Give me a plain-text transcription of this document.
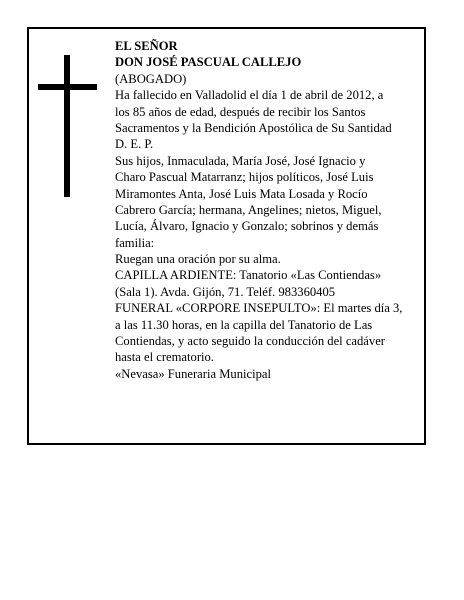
EL SEÑOR
DON JOSÉ PASCUAL CALLEJO
(ABOGADO)
Ha fallecido en Valladolid el día 1 de abril de 2012, a
los 85 años de edad, después de recibir los Santos
Sacramentos y la Bendición Apostólica de Su Santidad
D. E. P.
Sus hijos, Inmaculada, María José, José Ignacio y
Charo Pascual Matarranz; hijos políticos, José Luis
Miramontes Anta, José Luis Mata Losada y Rocío
Cabrero García; hermana, Angelines; nietos, Miguel,
Lucía, Álvaro, Ignacio y Gonzalo; sobrinos y demás
familia:
Ruegan una oración por su alma.
CAPILLA ARDIENTE: Tanatorio «Las Contiendas»
(Sala 1). Avda. Gijón, 71. Teléf. 983360405
FUNERAL «CORPORE INSEPULTO»: El martes día 3,
a las 11.30 horas, en la capilla del Tanatorio de Las
Contiendas, y acto seguido la conducción del cadáver
hasta el crematorio.
«Nevasa» Funeraria Municipal
